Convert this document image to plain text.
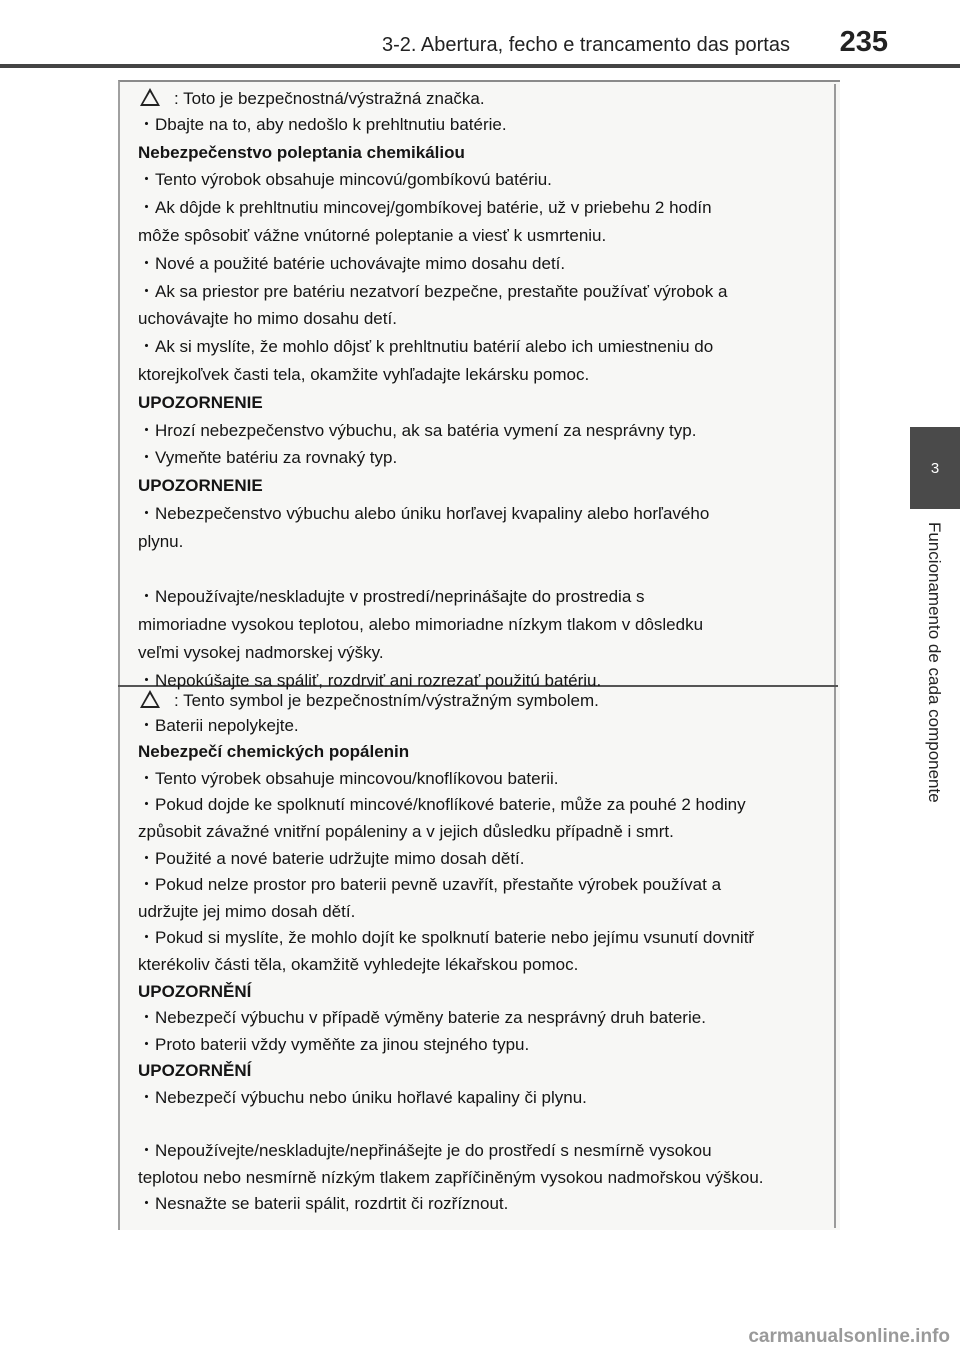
3-2. Abertura, fecho e trancamento das portas 235
3
Funcionamento de cada componente
: Toto je bezpečnostná/výstražná značka.
・Dbajte na to, aby nedošlo k prehltnutiu batérie.
Nebezpečenstvo poleptania chemikáliou
・Tento výrobok obsahuje mincovú/gombíkovú batériu.
・Ak dôjde k prehltnutiu mincovej/gombíkovej batérie, už v priebehu 2 hodín
môže spôsobiť vážne vnútorné poleptanie a viesť k usmrteniu.
・Nové a použité batérie uchovávajte mimo dosahu detí.
・Ak sa priestor pre batériu nezatvorí bezpečne, prestaňte používať výrobok a
uchovávajte ho mimo dosahu detí.
・Ak si myslíte, že mohlo dôjsť k prehltnutiu batérií alebo ich umiestneniu do
ktorejkoľvek časti tela, okamžite vyhľadajte lekársku pomoc.
UPOZORNENIE
・Hrozí nebezpečenstvo výbuchu, ak sa batéria vymení za nesprávny typ.
・Vymeňte batériu za rovnaký typ.
UPOZORNENIE
・Nebezpečenstvo výbuchu alebo úniku horľavej kvapaliny alebo horľavého
plynu.
・Nepoužívajte/neskladujte v prostredí/neprinášajte do prostredia s
mimoriadne vysokou teplotou, alebo mimoriadne nízkym tlakom v dôsledku
veľmi vysokej nadmorskej výšky.
・Nepokúšajte sa spáliť, rozdrviť ani rozrezať použitú batériu.
: Tento symbol je bezpečnostním/výstražným symbolem.
・Baterii nepolykejte.
Nebezpečí chemických popálenin
・Tento výrobek obsahuje mincovou/knoflíkovou baterii.
・Pokud dojde ke spolknutí mincové/knoflíkové baterie, může za pouhé 2 hodiny
způsobit závažné vnitřní popáleniny a v jejich důsledku případně i smrt.
・Použité a nové baterie udržujte mimo dosah dětí.
・Pokud nelze prostor pro baterii pevně uzavřít, přestaňte výrobek používat a
udržujte jej mimo dosah dětí.
・Pokud si myslíte, že mohlo dojít ke spolknutí baterie nebo jejímu vsunutí dovnitř
kterékoliv části těla, okamžitě vyhledejte lékařskou pomoc.
UPOZORNĚNÍ
・Nebezpečí výbuchu v případě výměny baterie za nesprávný druh baterie.
・Proto baterii vždy vyměňte za jinou stejného typu.
UPOZORNĚNÍ
・Nebezpečí výbuchu nebo úniku hořlavé kapaliny či plynu.
・Nepoužívejte/neskladujte/nepřinášejte je do prostředí s nesmírně vysokou
teplotou nebo nesmírně nízkým tlakem zapříčiněným vysokou nadmořskou výškou.
・Nesnažte se baterii spálit, rozdrtit či rozříznout.
carmanualsonline.info
